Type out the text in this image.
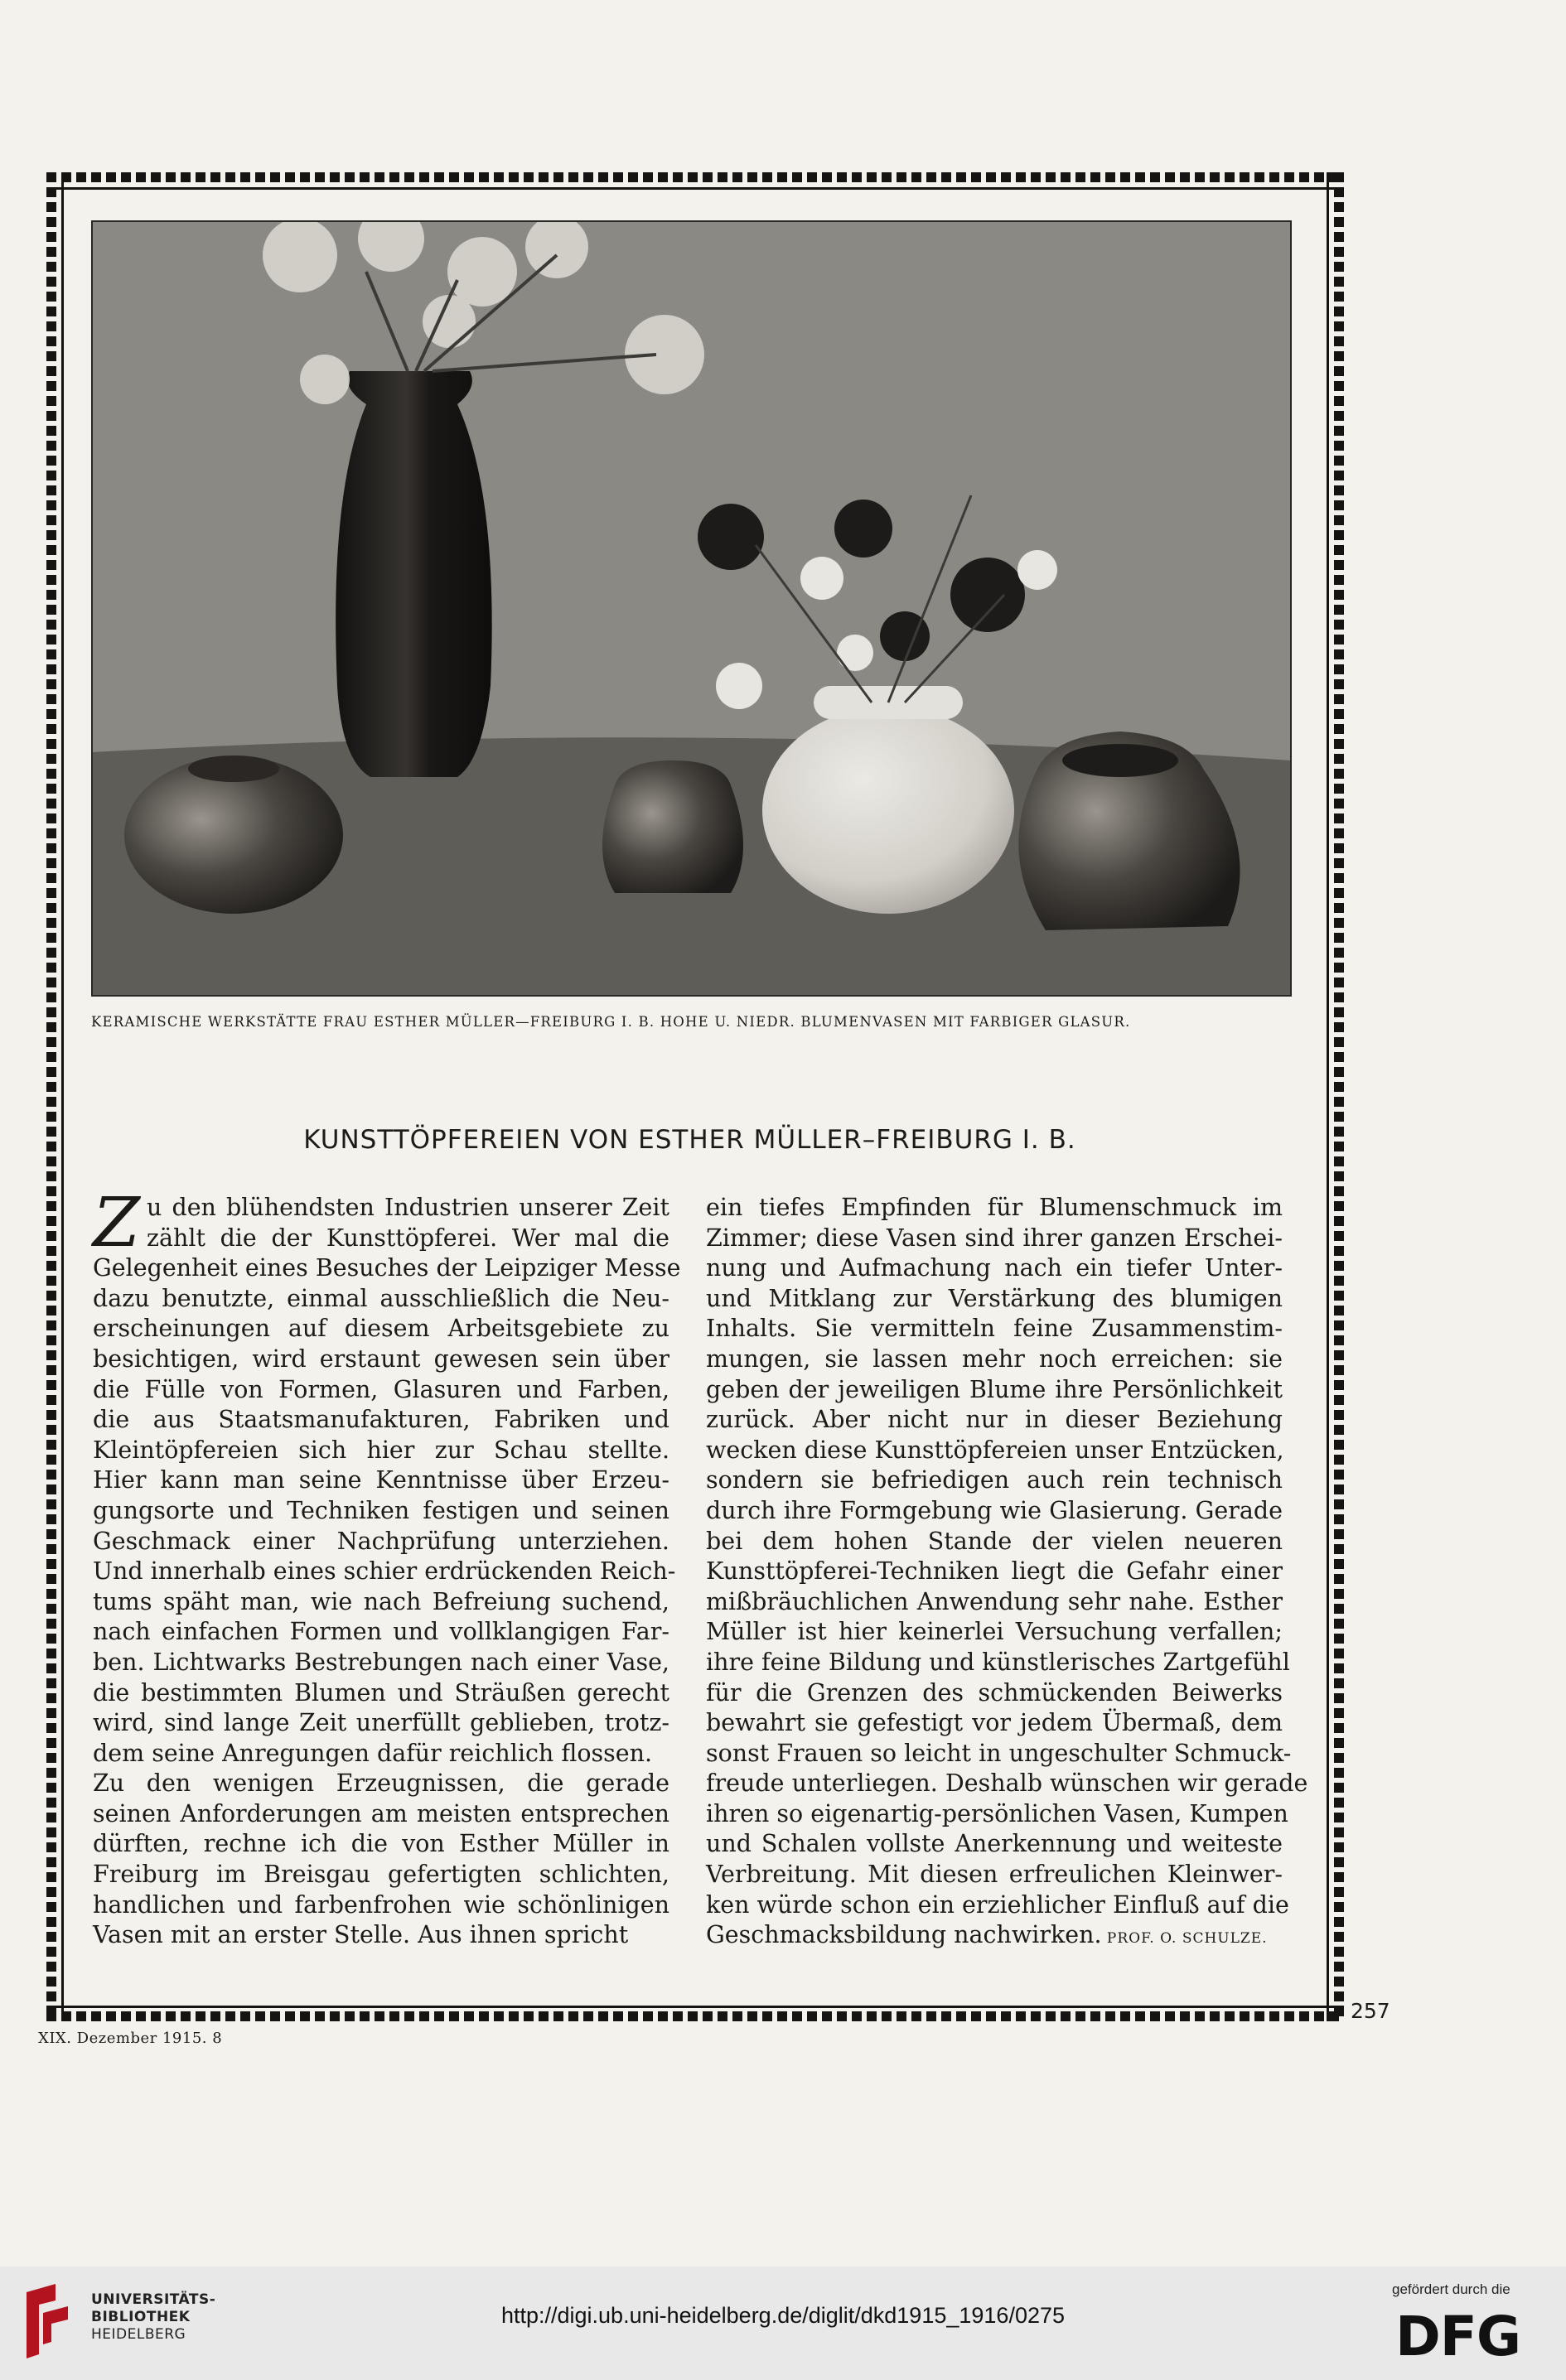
KERAMISCHE WERKSTÄTTE FRAU ESTHER MÜLLER—FREIBURG I. B. HOHE U. NIEDR. BLUMENVASEN MIT FARBIGER GLASUR.
KUNSTTÖPFEREIEN VON ESTHER MÜLLER–FREIBURG I. B.
Z u den blühendsten Industrien unserer Zeit
zählt die der Kunsttöpferei. Wer mal die
Gelegenheit eines Besuches der Leipziger Messe
dazu benutzte, einmal ausschließlich die Neu-
erscheinungen auf diesem Arbeitsgebiete zu
besichtigen, wird erstaunt gewesen sein über
die Fülle von Formen, Glasuren und Farben,
die aus Staatsmanufakturen, Fabriken und
Kleintöpfereien sich hier zur Schau stellte.
Hier kann man seine Kenntnisse über Erzeu-
gungsorte und Techniken festigen und seinen
Geschmack einer Nachprüfung unterziehen.
Und innerhalb eines schier erdrückenden Reich-
tums späht man, wie nach Befreiung suchend,
nach einfachen Formen und vollklangigen Far-
ben. Lichtwarks Bestrebungen nach einer Vase,
die bestimmten Blumen und Sträußen gerecht
wird, sind lange Zeit unerfüllt geblieben, trotz-
dem seine Anregungen dafür reichlich flossen.
Zu den wenigen Erzeugnissen, die gerade
seinen Anforderungen am meisten entsprechen
dürften, rechne ich die von Esther Müller in
Freiburg im Breisgau gefertigten schlichten,
handlichen und farbenfrohen wie schönlinigen
Vasen mit an erster Stelle. Aus ihnen spricht
ein tiefes Empfinden für Blumenschmuck im
Zimmer; diese Vasen sind ihrer ganzen Erschei-
nung und Aufmachung nach ein tiefer Unter-
und Mitklang zur Verstärkung des blumigen
Inhalts. Sie vermitteln feine Zusammenstim-
mungen, sie lassen mehr noch erreichen: sie
geben der jeweiligen Blume ihre Persönlichkeit
zurück. Aber nicht nur in dieser Beziehung
wecken diese Kunsttöpfereien unser Entzücken,
sondern sie befriedigen auch rein technisch
durch ihre Formgebung wie Glasierung. Gerade
bei dem hohen Stande der vielen neueren
Kunsttöpferei-Techniken liegt die Gefahr einer
mißbräuchlichen Anwendung sehr nahe. Esther
Müller ist hier keinerlei Versuchung verfallen;
ihre feine Bildung und künstlerisches Zartgefühl
für die Grenzen des schmückenden Beiwerks
bewahrt sie gefestigt vor jedem Übermaß, dem
sonst Frauen so leicht in ungeschulter Schmuck-
freude unterliegen. Deshalb wünschen wir gerade
ihren so eigenartig-persönlichen Vasen, Kumpen
und Schalen vollste Anerkennung und weiteste
Verbreitung. Mit diesen erfreulichen Kleinwer-
ken würde schon ein erziehlicher Einfluß auf die
Geschmacksbildung nachwirken. PROF. O. SCHULZE.
257
XIX. Dezember 1915. 8
UNIVERSITÄTS-
BIBLIOTHEK
HEIDELBERG
http://digi.ub.uni-heidelberg.de/diglit/dkd1915_1916/0275
gefördert durch die
DFG
